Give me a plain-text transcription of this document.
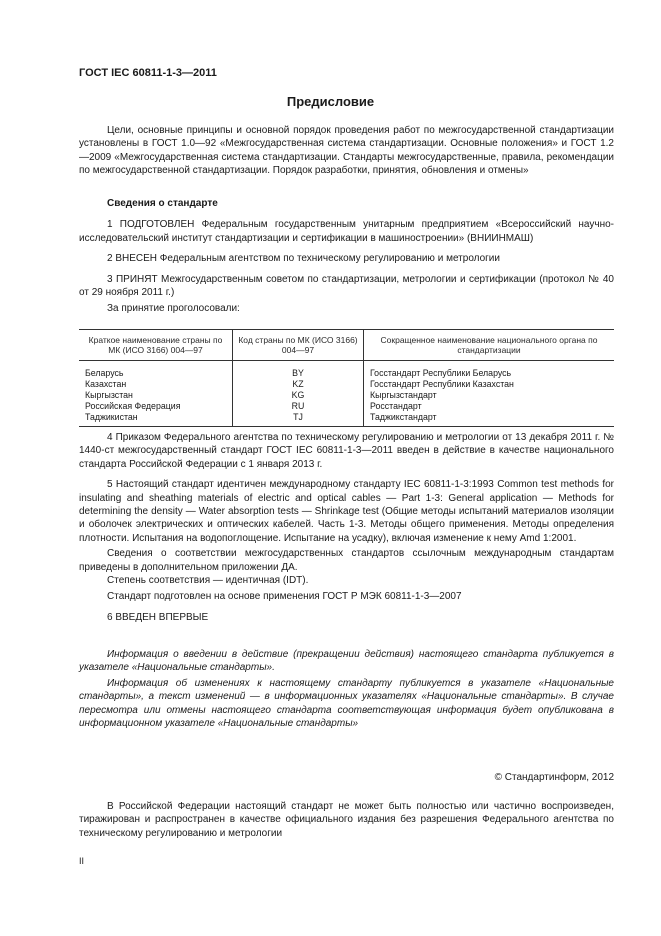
ГОСТ IEC 60811-1-3—2011
Предисловие

Цели, основные принципы и основной порядок проведения работ по межгосударственной стандартизации установлены в ГОСТ 1.0—92 «Межгосударственная система стандартизации. Основные положения» и ГОСТ 1.2—2009 «Межгосударственная система стандартизации. Стандарты межгосударственные, правила, рекомендации по межгосударственной стандартизации. Порядок разработки, принятия, обновления и отмены»

Сведения о стандарте

1 ПОДГОТОВЛЕН Федеральным государственным унитарным предприятием «Всероссийский научно-исследовательский институт стандартизации и сертификации в машиностроении» (ВНИИНМАШ)

2 ВНЕСЕН Федеральным агентством по техническому регулированию и метрологии

3 ПРИНЯТ Межгосударственным советом по стандартизации, метрологии и сертификации (протокол № 40 от 29 ноября 2011 г.)

За принятие проголосовали:

Краткое наименование страны по МК (ИСО 3166) 004—97	Код страны по МК (ИСО 3166) 004—97	Сокращенное наименование национального органа по стандартизации
Беларусь	BY	Госстандарт Республики Беларусь
Казахстан	KZ	Госстандарт Республики Казахстан
Кыргызстан	KG	Кыргызстандарт
Российская Федерация	RU	Росстандарт
Таджикистан	TJ	Таджикстандарт

4 Приказом Федерального агентства по техническому регулированию и метрологии от 13 декабря 2011 г. № 1440-ст межгосударственный стандарт ГОСТ IEC 60811-1-3—2011 введен в действие в качестве национального стандарта Российской Федерации с 1 января 2013 г.

5 Настоящий стандарт идентичен международному стандарту IEC 60811-1-3:1993 Common test methods for insulating and sheathing materials of electric and optical cables — Part 1-3: General application — Methods for determining the density — Water absorption tests — Shrinkage test (Общие методы испытаний материалов изоляции и оболочек электрических и оптических кабелей. Часть 1-3. Методы общего применения. Методы определения плотности. Испытания на водопоглощение. Испытание на усадку), включая изменение к нему Amd 1:2001.

Сведения о соответствии межгосударственных стандартов ссылочным международным стандартам приведены в дополнительном приложении ДА.

Степень соответствия — идентичная (IDT).

Стандарт подготовлен на основе применения ГОСТ Р МЭК 60811-1-3—2007

6 ВВЕДЕН ВПЕРВЫЕ

Информация о введении в действие (прекращении действия) настоящего стандарта публикуется в указателе «Национальные стандарты».

Информация об изменениях к настоящему стандарту публикуется в указателе «Национальные стандарты», а текст изменений — в информационных указателях «Национальные стандарты». В случае пересмотра или отмены настоящего стандарта соответствующая информация будет опубликована в информационном указателе «Национальные стандарты»

© Стандартинформ, 2012

В Российской Федерации настоящий стандарт не может быть полностью или частично воспроизведен, тиражирован и распространен в качестве официального издания без разрешения Федерального агентства по техническому регулированию и метрологии

II
